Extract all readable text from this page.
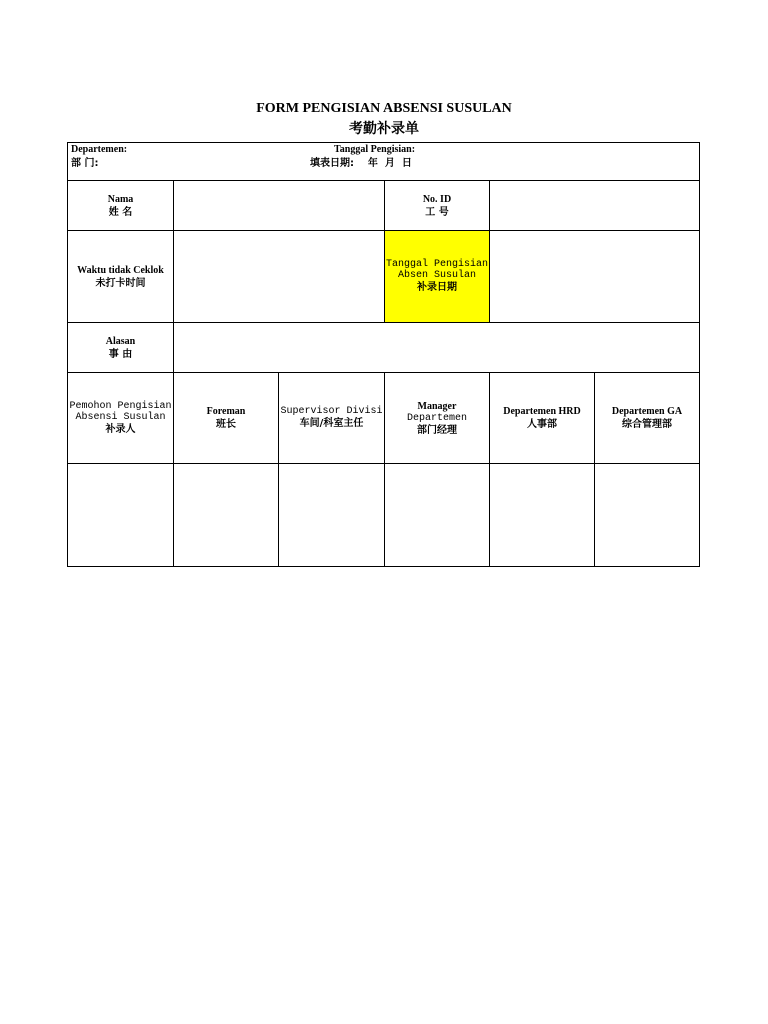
FORM PENGISIAN ABSENSI SUSULAN
考勤补录单
Departemen:
部 门:
Tanggal Pengisian:
填表日期:    年  月  日
Nama
姓 名
No. ID
工 号
Waktu tidak Ceklok
未打卡时间
Tanggal Pengisian
Absen Susulan
补录日期
Alasan
事 由
Pemohon Pengisian
Absensi Susulan
补录人
Foreman
班长
Supervisor Divisi
车间/科室主任
Manager
Departemen
部门经理
Departemen HRD
人事部
Departemen GA
综合管理部
